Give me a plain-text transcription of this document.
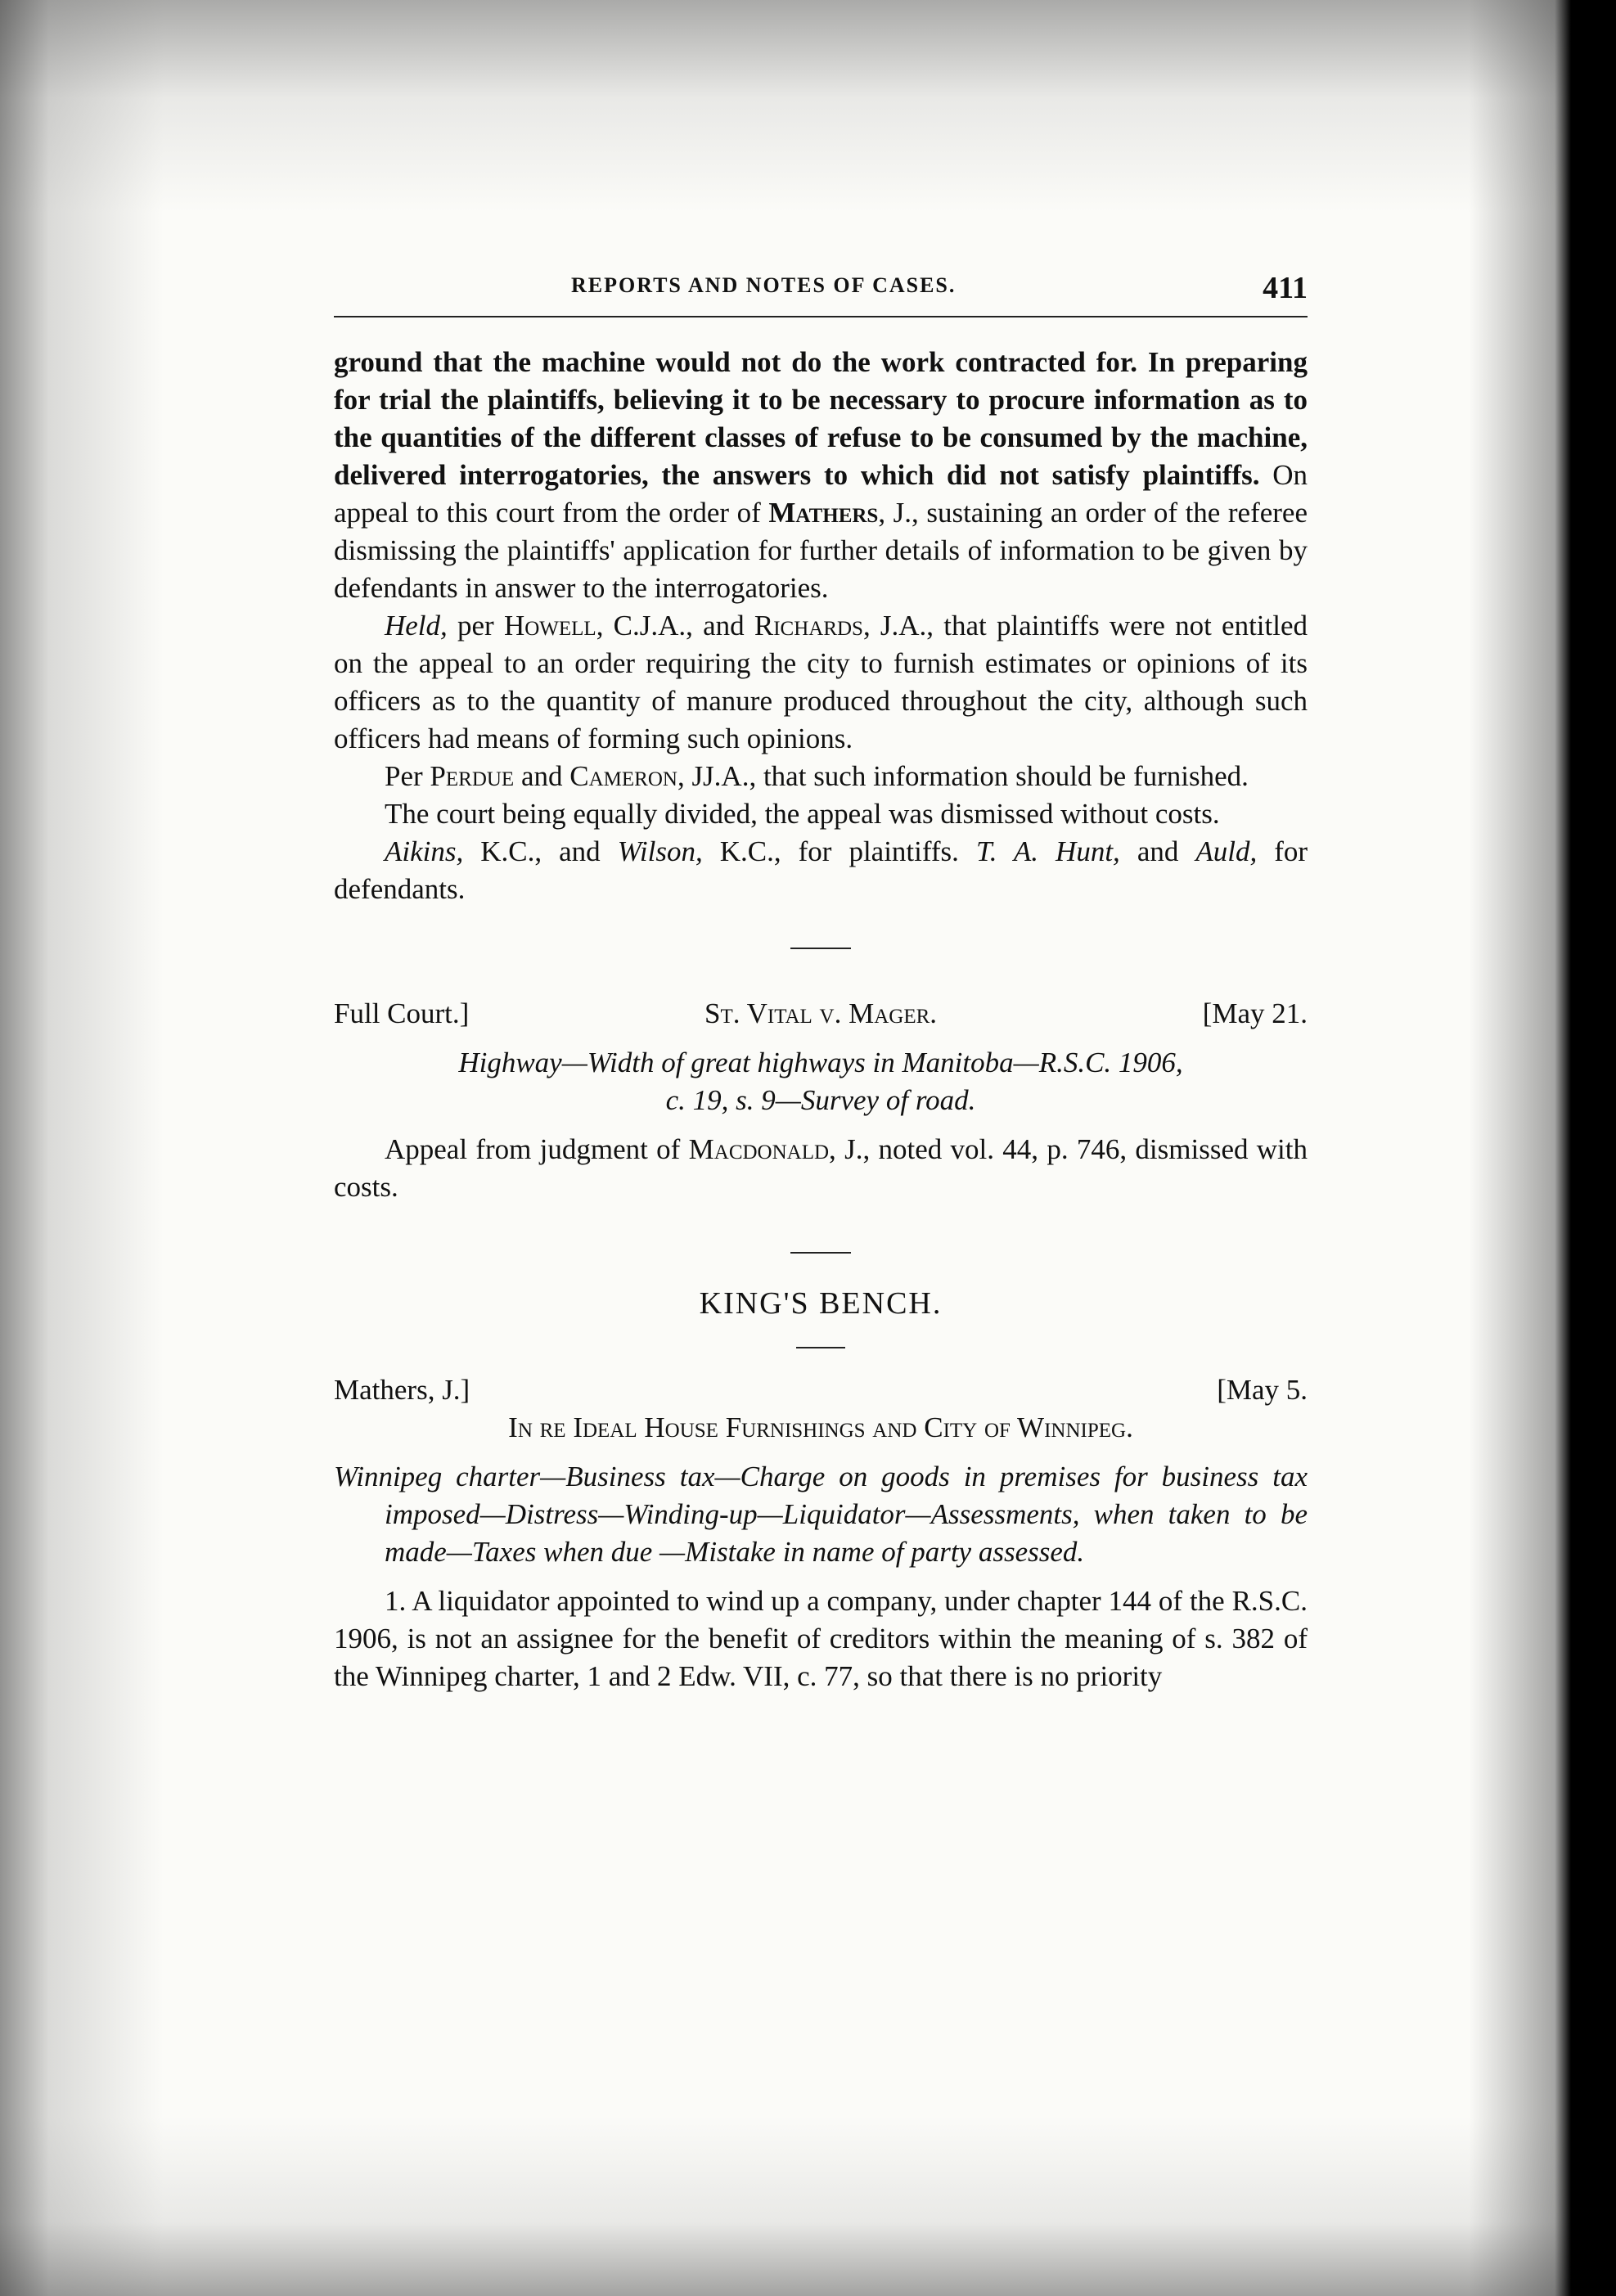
REPORTS AND NOTES OF CASES.	411

ground that the machine would not do the work contracted for. In preparing for trial the plaintiffs, believing it to be necessary to procure information as to the quantities of the different classes of refuse to be consumed by the machine, delivered interrogatories, the answers to which did not satisfy plaintiffs. On appeal to this court from the order of Mathers, J., sustaining an order of the referee dismissing the plaintiffs' application for further details of information to be given by defendants in answer to the interrogatories.

Held, per Howell, C.J.A., and Richards, J.A., that plaintiffs were not entitled on the appeal to an order requiring the city to furnish estimates or opinions of its officers as to the quantity of manure produced throughout the city, although such officers had means of forming such opinions.

Per Perdue and Cameron, JJ.A., that such information should be furnished.

The court being equally divided, the appeal was dismissed without costs.

Aikins, K.C., and Wilson, K.C., for plaintiffs. T. A. Hunt, and Auld, for defendants.

Full Court.]	St. Vital v. Mager.	[May 21.
Highway—Width of great highways in Manitoba—R.S.C. 1906,
c. 19, s. 9—Survey of road.

Appeal from judgment of Macdonald, J., noted vol. 44, p. 746, dismissed with costs.

KING'S BENCH.
Mathers, J.]	[May 5.
In re Ideal House Furnishings and City of Winnipeg.
Winnipeg charter—Business tax—Charge on goods in premises for business tax imposed—Distress—Winding-up—Liquidator—Assessments, when taken to be made—Taxes when due —Mistake in name of party assessed.

1. A liquidator appointed to wind up a company, under chapter 144 of the R.S.C. 1906, is not an assignee for the benefit of creditors within the meaning of s. 382 of the Winnipeg charter, 1 and 2 Edw. VII, c. 77, so that there is no priority
